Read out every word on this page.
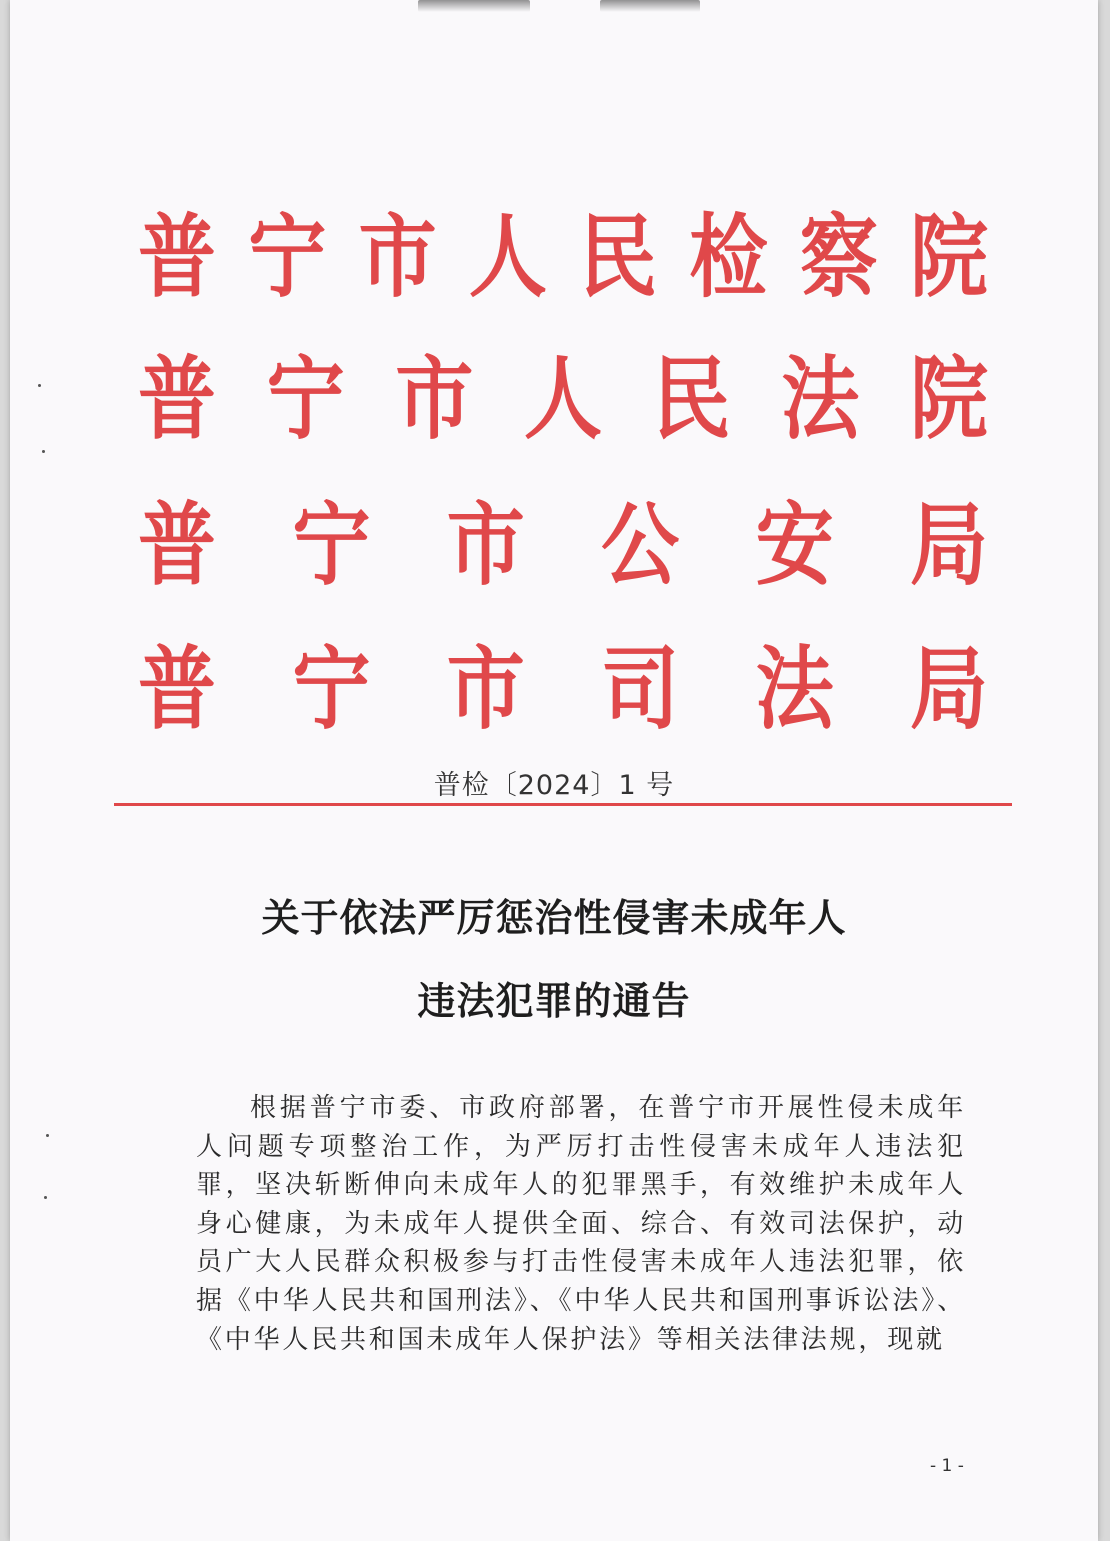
普 宁 市 人 民 检 察 院
普 宁 市 人 民 法 院
普 宁 市 公 安 局
普 宁 市 司 法 局
普检〔2024〕1 号
关于依法严厉惩治性侵害未成年人
违法犯罪的通告

根据普宁市委、市政府部署，在普宁市开展性侵未成年人问题专项整治工作，为严厉打击性侵害未成年人违法犯罪，坚决斩断伸向未成年人的犯罪黑手，有效维护未成年人身心健康，为未成年人提供全面、综合、有效司法保护，动员广大人民群众积极参与打击性侵害未成年人违法犯罪，依据《中华人民共和国刑法》、《中华人民共和国刑事诉讼法》、《中华人民共和国未成年人保护法》等相关法律法规，现就

- 1 -
